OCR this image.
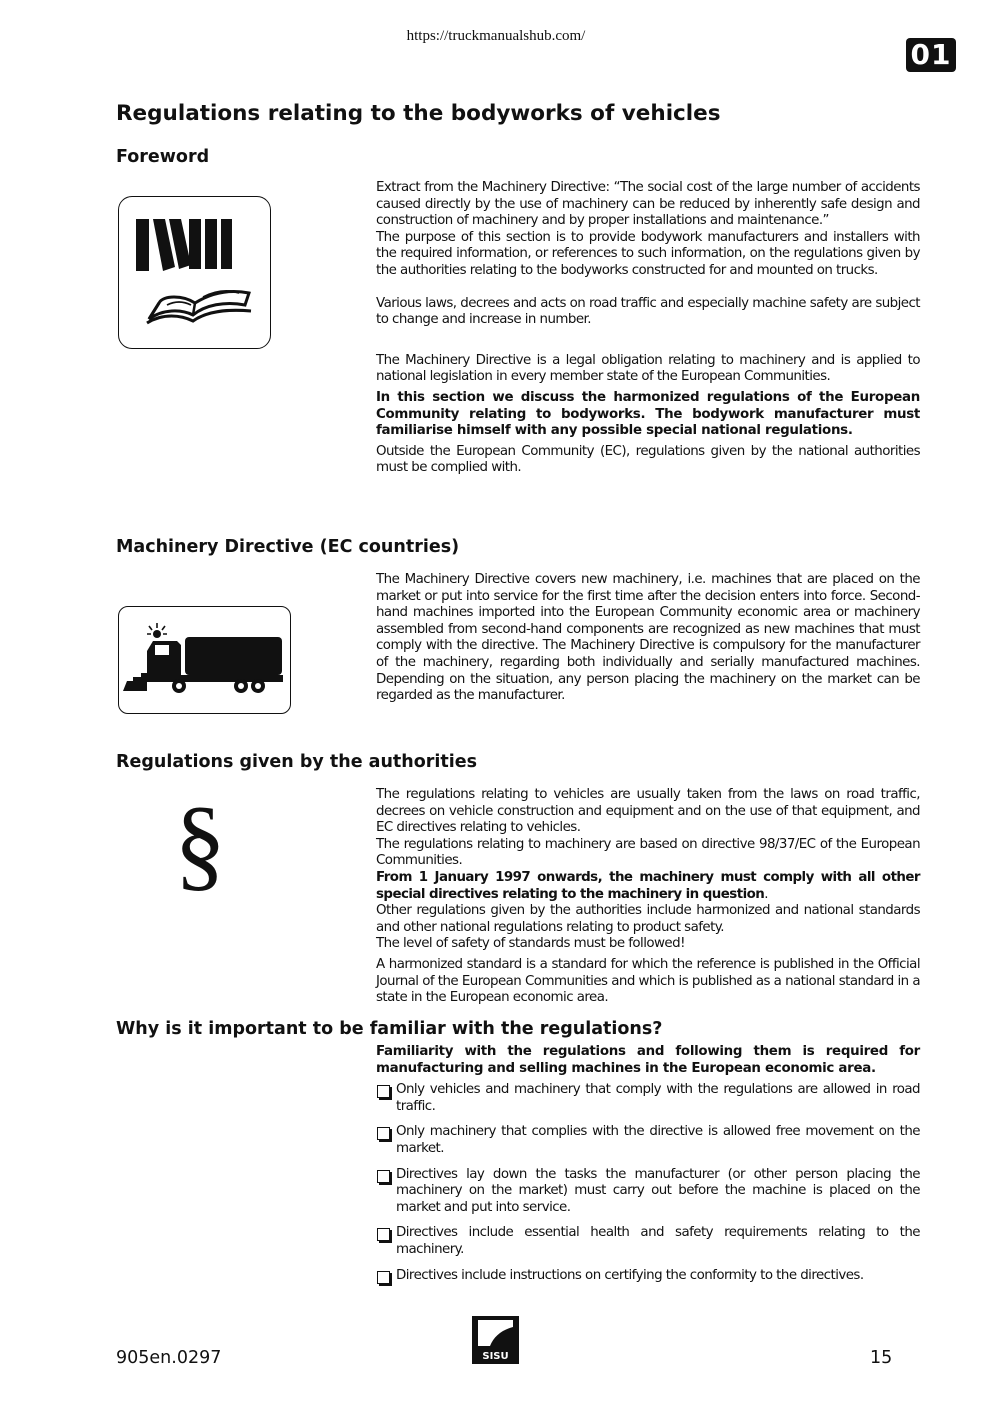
https://truckmanualshub.com/
01
Regulations relating to the bodyworks of vehicles
Foreword

Extract from the Machinery Directive: “The social cost of the large number of accidents caused directly by the use of machinery can be reduced by inherently safe design and construction of machinery and by proper installations and maintenance.”

The purpose of this section is to provide bodywork manufacturers and installers with the required information, or references to such information, on the regulations given by the authorities relating to the bodyworks constructed for and mounted on trucks.

Various laws, decrees and acts on road traffic and especially machine safety are subject to change and increase in number.

The Machinery Directive is a legal obligation relating to machinery and is applied to national legislation in every member state of the European Communities.

In this section we discuss the harmonized regulations of the European Community relating to bodyworks. The bodywork manufacturer must familiarise himself with any possible special national regulations.

Outside the European Community (EC), regulations given by the national authorities must be complied with.

Machinery Directive (EC countries)

The Machinery Directive covers new machinery, i.e. machines that are placed on the market or put into service for the first time after the decision enters into force. Second-hand machines imported into the European Community economic area or machinery assembled from second-hand components are recognized as new machines that must comply with the directive. The Machinery Directive is compulsory for the manufacturer of the machinery, regarding both individually and serially manufactured machines. Depending on the situation, any person placing the machinery on the market can be regarded as the manufacturer.

Regulations given by the authorities
§	The regulations relating to vehicles are usually taken from the laws on road traffic, decrees on vehicle construction and equipment and on the use of that equipment, and EC directives relating to vehicles.

The regulations relating to machinery are based on directive 98/37/EC of the European Communities.

From 1 January 1997 onwards, the machinery must comply with all other special directives relating to the machinery in question.

Other regulations given by the authorities include harmonized and national standards and other national regulations relating to product safety.

The level of safety of standards must be followed!

A harmonized standard is a standard for which the reference is published in the Official Journal of the European Communities and which is published as a national standard in a state in the European economic area.

Why is it important to be familiar with the regulations?

Familiarity with the regulations and following them is required for manufacturing and selling machines in the European economic area.

Only vehicles and machinery that comply with the regulations are allowed in road traffic.
Only machinery that complies with the directive is allowed free movement on the market.
Directives lay down the tasks the manufacturer (or other person placing the machinery on the market) must carry out before the machine is placed on the market and put into service.
Directives include essential health and safety requirements relating to the machinery.
Directives include instructions on certifying the conformity to the directives.
905en.0297	SISU	15
